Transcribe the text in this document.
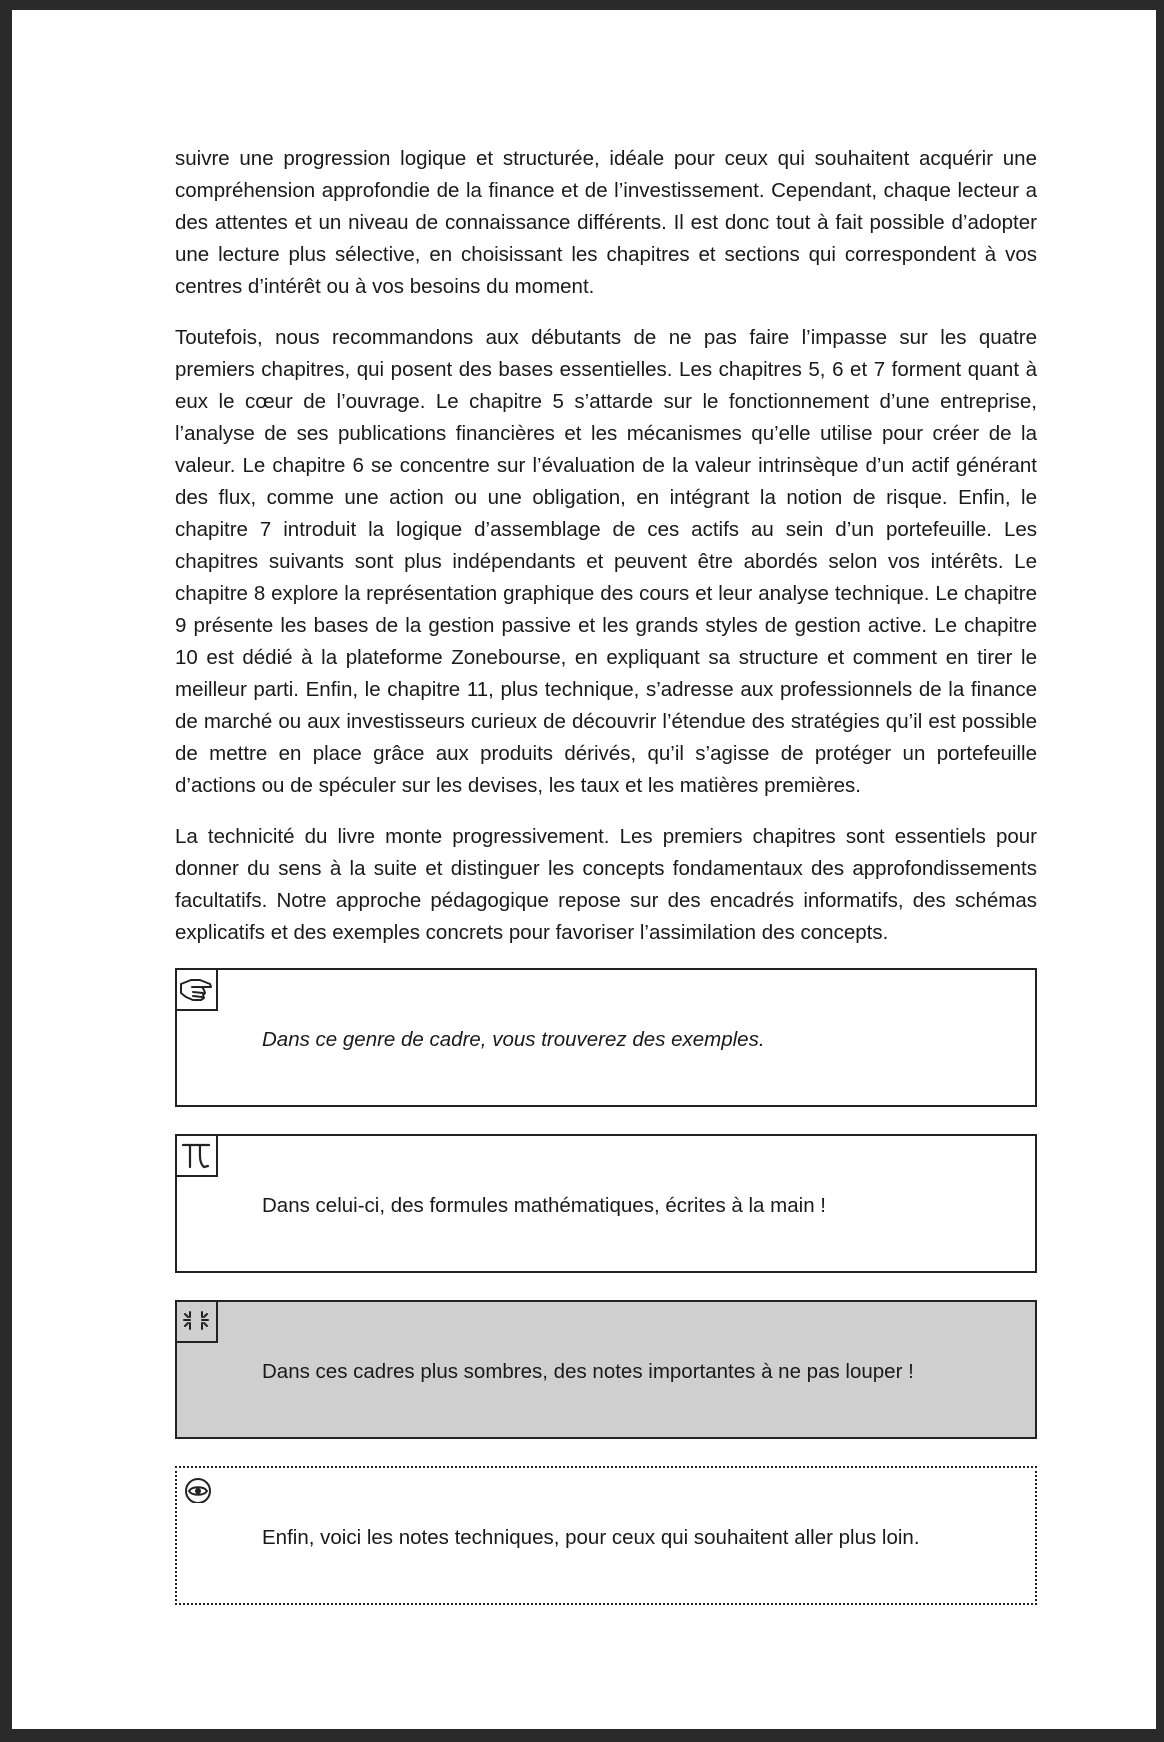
suivre une progression logique et structurée, idéale pour ceux qui souhaitent acquérir une compréhension approfondie de la finance et de l’investissement. Cependant, chaque lecteur a des attentes et un niveau de connaissance différents. Il est donc tout à fait possible d’adopter une lecture plus sélective, en choisissant les chapitres et sections qui correspondent à vos centres d’intérêt ou à vos besoins du moment.

Toutefois, nous recommandons aux débutants de ne pas faire l’impasse sur les quatre premiers chapitres, qui posent des bases essentielles. Les chapitres 5, 6 et 7 forment quant à eux le cœur de l’ouvrage. Le chapitre 5 s’attarde sur le fonctionnement d’une entreprise, l’analyse de ses publications financières et les mécanismes qu’elle utilise pour créer de la valeur. Le chapitre 6 se concentre sur l’évaluation de la valeur intrinsèque d’un actif générant des flux, comme une action ou une obligation, en intégrant la notion de risque. Enfin, le chapitre 7 introduit la logique d’assemblage de ces actifs au sein d’un portefeuille. Les chapitres suivants sont plus indépendants et peuvent être abordés selon vos intérêts. Le chapitre 8 explore la représentation graphique des cours et leur analyse technique. Le chapitre 9 présente les bases de la gestion passive et les grands styles de gestion active. Le chapitre 10 est dédié à la plateforme Zonebourse, en expliquant sa structure et comment en tirer le meilleur parti. Enfin, le chapitre 11, plus technique, s’adresse aux professionnels de la finance de marché ou aux investisseurs curieux de découvrir l’étendue des stratégies qu’il est possible de mettre en place grâce aux produits dérivés, qu’il s’agisse de protéger un portefeuille d’actions ou de spéculer sur les devises, les taux et les matières premières.

La technicité du livre monte progressivement. Les premiers chapitres sont essentiels pour donner du sens à la suite et distinguer les concepts fondamentaux des approfondissements facultatifs. Notre approche pédagogique repose sur des encadrés informatifs, des schémas explicatifs et des exemples concrets pour favoriser l’assimilation des concepts.

Dans ce genre de cadre, vous trouverez des exemples.
Dans celui-ci, des formules mathématiques, écrites à la main !
Dans ces cadres plus sombres, des notes importantes à ne pas louper !
Enfin, voici les notes techniques, pour ceux qui souhaitent aller plus loin.
